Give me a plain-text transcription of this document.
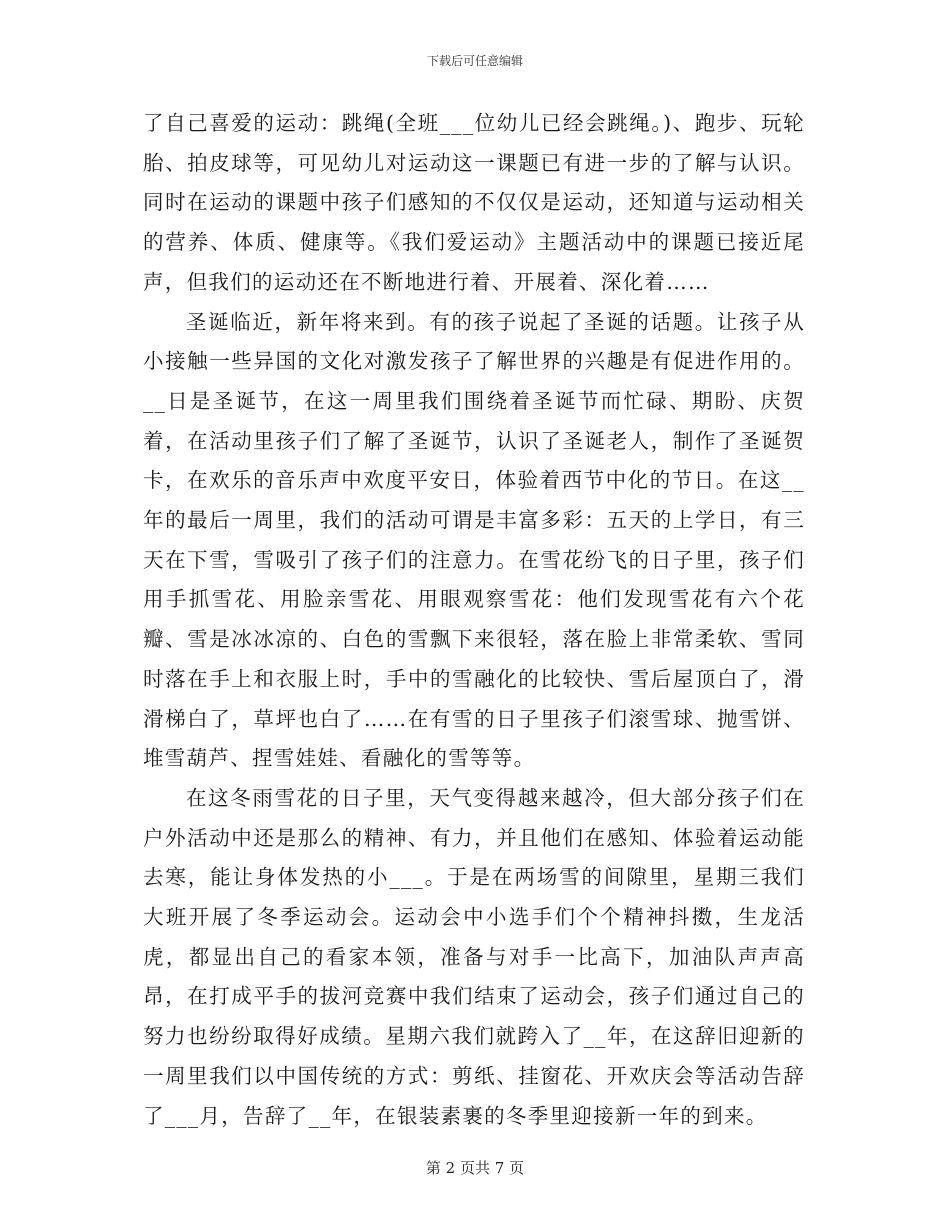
下载后可任意编辑

了自己喜爱的运动：跳绳(全班___位幼儿已经会跳绳。)、跑步、玩轮胎、拍皮球等，可见幼儿对运动这一课题已有进一步的了解与认识。同时在运动的课题中孩子们感知的不仅仅是运动，还知道与运动相关的营养、体质、健康等。《我们爱运动》主题活动中的课题已接近尾声，但我们的运动还在不断地进行着、开展着、深化着……

圣诞临近，新年将来到。有的孩子说起了圣诞的话题。让孩子从小接触一些异国的文化对激发孩子了解世界的兴趣是有促进作用的。__日是圣诞节，在这一周里我们围绕着圣诞节而忙碌、期盼、庆贺着，在活动里孩子们了解了圣诞节，认识了圣诞老人，制作了圣诞贺卡，在欢乐的音乐声中欢度平安日，体验着西节中化的节日。在这__年的最后一周里，我们的活动可谓是丰富多彩：五天的上学日，有三天在下雪，雪吸引了孩子们的注意力。在雪花纷飞的日子里，孩子们用手抓雪花、用脸亲雪花、用眼观察雪花：他们发现雪花有六个花瓣、雪是冰冰凉的、白色的雪飘下来很轻，落在脸上非常柔软、雪同时落在手上和衣服上时，手中的雪融化的比较快、雪后屋顶白了，滑滑梯白了，草坪也白了……在有雪的日子里孩子们滚雪球、抛雪饼、堆雪葫芦、捏雪娃娃、看融化的雪等等。

在这冬雨雪花的日子里，天气变得越来越冷，但大部分孩子们在户外活动中还是那么的精神、有力，并且他们在感知、体验着运动能去寒，能让身体发热的小___。于是在两场雪的间隙里，星期三我们大班开展了冬季运动会。运动会中小选手们个个精神抖擞，生龙活虎，都显出自己的看家本领，准备与对手一比高下，加油队声声高昂，在打成平手的拔河竞赛中我们结束了运动会，孩子们通过自己的努力也纷纷取得好成绩。星期六我们就跨入了__年，在这辞旧迎新的一周里我们以中国传统的方式：剪纸、挂窗花、开欢庆会等活动告辞了___月，告辞了__年，在银装素裹的冬季里迎接新一年的到来。

第 2 页共 7 页
